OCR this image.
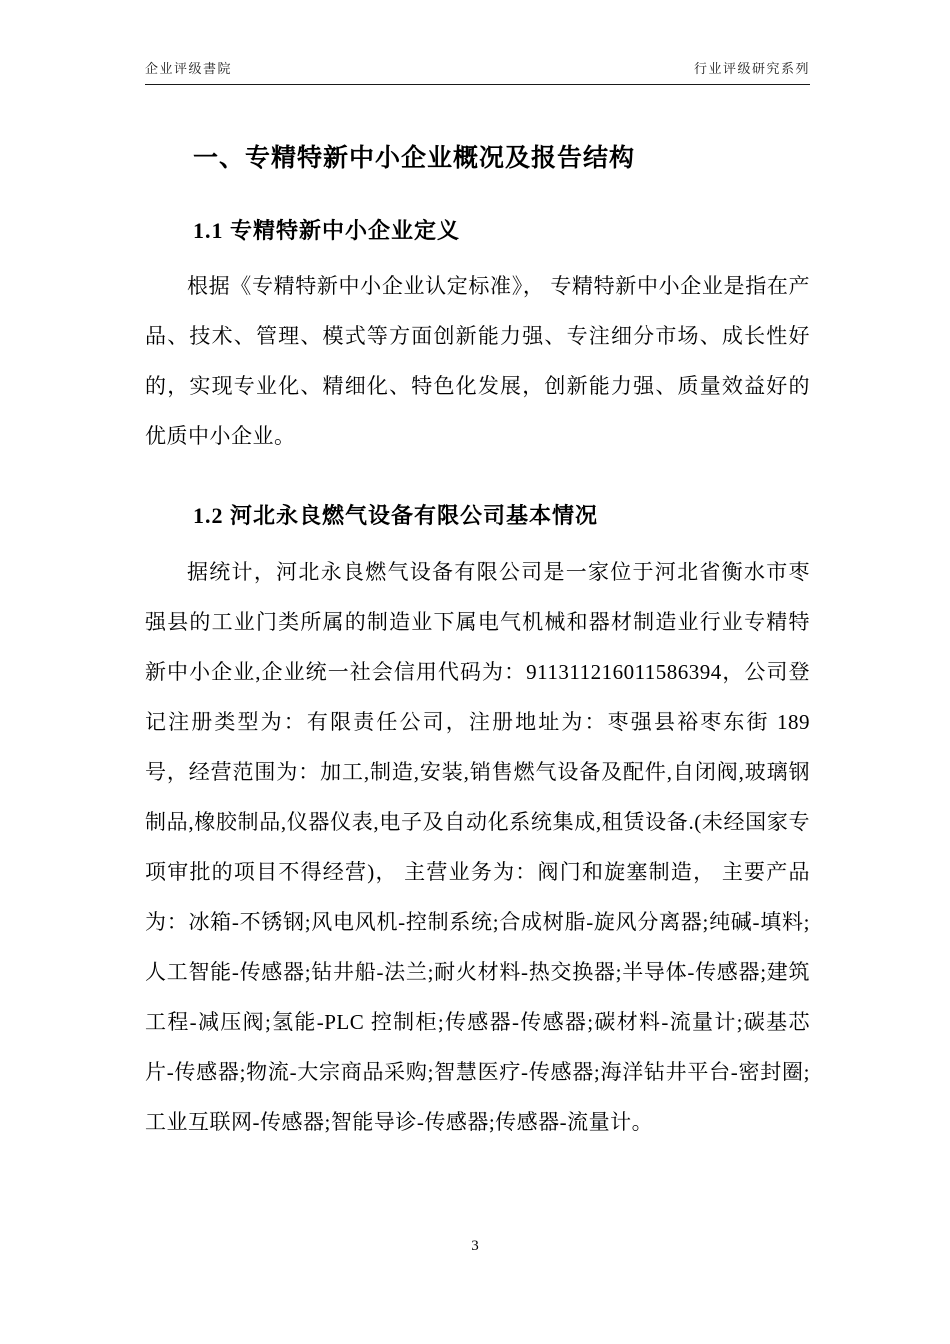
企业评级書院	行业评级研究系列
一、专精特新中小企业概况及报告结构
1.1 专精特新中小企业定义

根据《专精特新中小企业认定标准》， 专精特新中小企业是指在产品、技术、管理、模式等方面创新能力强、专注细分市场、成长性好的，实现专业化、精细化、特色化发展，创新能力强、质量效益好的优质中小企业。

1.2 河北永良燃气设备有限公司基本情况

据统计，河北永良燃气设备有限公司是一家位于河北省衡水市枣强县的工业门类所属的制造业下属电气机械和器材制造业行业专精特新中小企业,企业统一社会信用代码为：911311216011586394，公司登记注册类型为：有限责任公司，注册地址为：枣强县裕枣东街 189 号，经营范围为：加工,制造,安装,销售燃气设备及配件,自闭阀,玻璃钢制品,橡胶制品,仪器仪表,电子及自动化系统集成,租赁设备.(未经国家专项审批的项目不得经营)， 主营业务为：阀门和旋塞制造， 主要产品为：冰箱-不锈钢;风电风机-控制系统;合成树脂-旋风分离器;纯碱-填料;人工智能-传感器;钻井船-法兰;耐火材料-热交换器;半导体-传感器;建筑工程-减压阀;氢能-PLC 控制柜;传感器-传感器;碳材料-流量计;碳基芯片-传感器;物流-大宗商品采购;智慧医疗-传感器;海洋钻井平台-密封圈;工业互联网-传感器;智能导诊-传感器;传感器-流量计。

3
